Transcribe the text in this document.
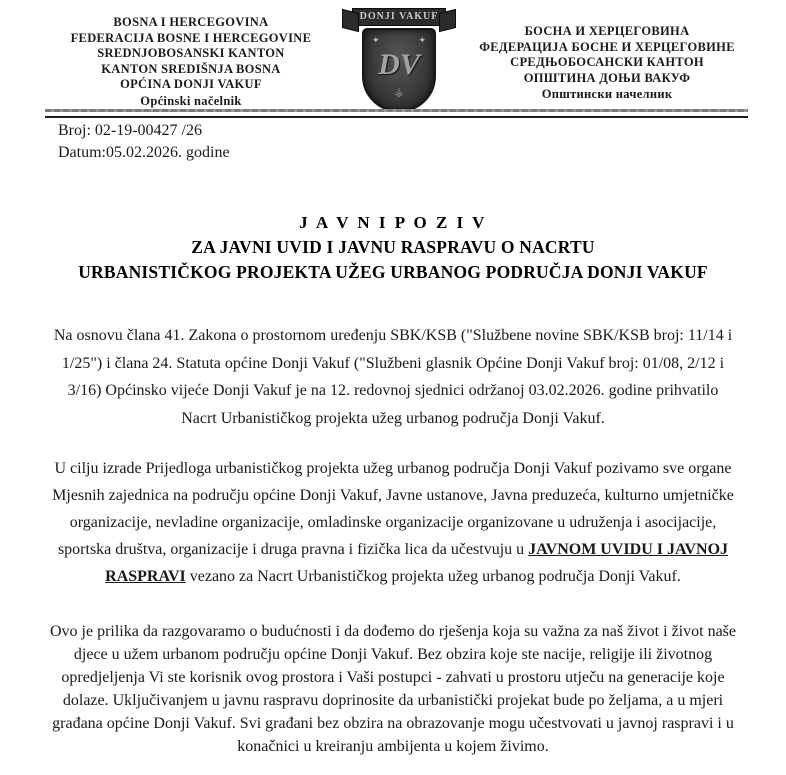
BOSNA I HERCEGOVINA
FEDERACIJA BOSNE I HERCEGOVINE
SREDNJOBOSANSKI KANTON
KANTON SREDIŠNJA BOSNA
OPĆINA DONJI VAKUF
Općinski načelnik
DONJI VAKUF
✦	✦
DV
⚶
БОСНА И ХЕРЦЕГОВИНА
ФЕДЕРАЦИЈА БОСНЕ И ХЕРЦЕГОВИНЕ
СРЕДЊОБОСАНСКИ КАНТОН
ОПШТИНА ДОЊИ ВАКУФ
Општински начелник
Broj: 02-19-00427 /26
Datum:05.02.2026. godine
J A V N I P O Z I V
ZA JAVNI UVID I JAVNU RASPRAVU O NACRTU
URBANISTIČKOG PROJEKTA UŽEG URBANOG PODRUČJA DONJI VAKUF

Na osnovu člana 41. Zakona o prostornom uređenju SBK/KSB ("Službene novine SBK/KSB broj: 11/14 i 1/25") i člana 24. Statuta općine Donji Vakuf ("Službeni glasnik Općine Donji Vakuf broj: 01/08, 2/12 i 3/16) Općinsko vijeće Donji Vakuf je na 12. redovnoj sjednici održanoj 03.02.2026. godine prihvatilo Nacrt Urbanističkog projekta užeg urbanog područja Donji Vakuf.

U cilju izrade Prijedloga urbanističkog projekta užeg urbanog područja Donji Vakuf pozivamo sve organe Mjesnih zajednica na području općine Donji Vakuf, Javne ustanove, Javna preduzeća, kulturno umjetničke organizacije, nevladine organizacije, omladinske organizacije organizovane u udruženja i asocijacije, sportska društva, organizacije i druga pravna i fizička lica da učestvuju u JAVNOM UVIDU I JAVNOJ RASPRAVI vezano za Nacrt Urbanističkog projekta užeg urbanog područja Donji Vakuf.

Ovo je prilika da razgovaramo o budućnosti i da dođemo do rješenja koja su važna za naš život i život naše djece u užem urbanom području općine Donji Vakuf. Bez obzira koje ste nacije, religije ili životnog opredjeljenja Vi ste korisnik ovog prostora i Vaši postupci - zahvati u prostoru utječu na generacije koje dolaze. Uključivanjem u javnu raspravu doprinosite da urbanistički projekat bude po željama, a u mjeri građana općine Donji Vakuf. Svi građani bez obzira na obrazovanje mogu učestvovati u javnoj raspravi i u konačnici u kreiranju ambijenta u kojem živimo.
